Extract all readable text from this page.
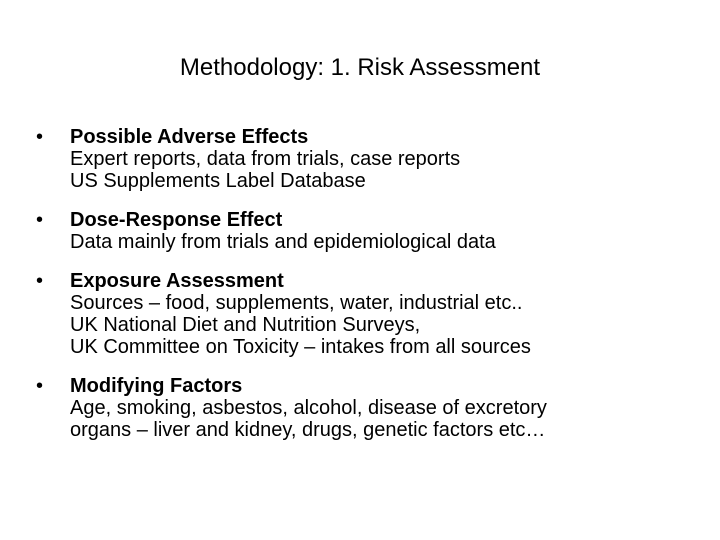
Methodology: 1. Risk Assessment
• Possible Adverse Effects
Expert reports, data from trials, case reports
US Supplements Label Database
• Dose-Response Effect
Data mainly from trials and epidemiological data
• Exposure Assessment
Sources – food, supplements, water, industrial etc..
UK National Diet and Nutrition Surveys,
UK Committee on Toxicity – intakes from all sources
• Modifying Factors
Age, smoking, asbestos, alcohol, disease of excretory
organs – liver and kidney, drugs, genetic factors etc…
